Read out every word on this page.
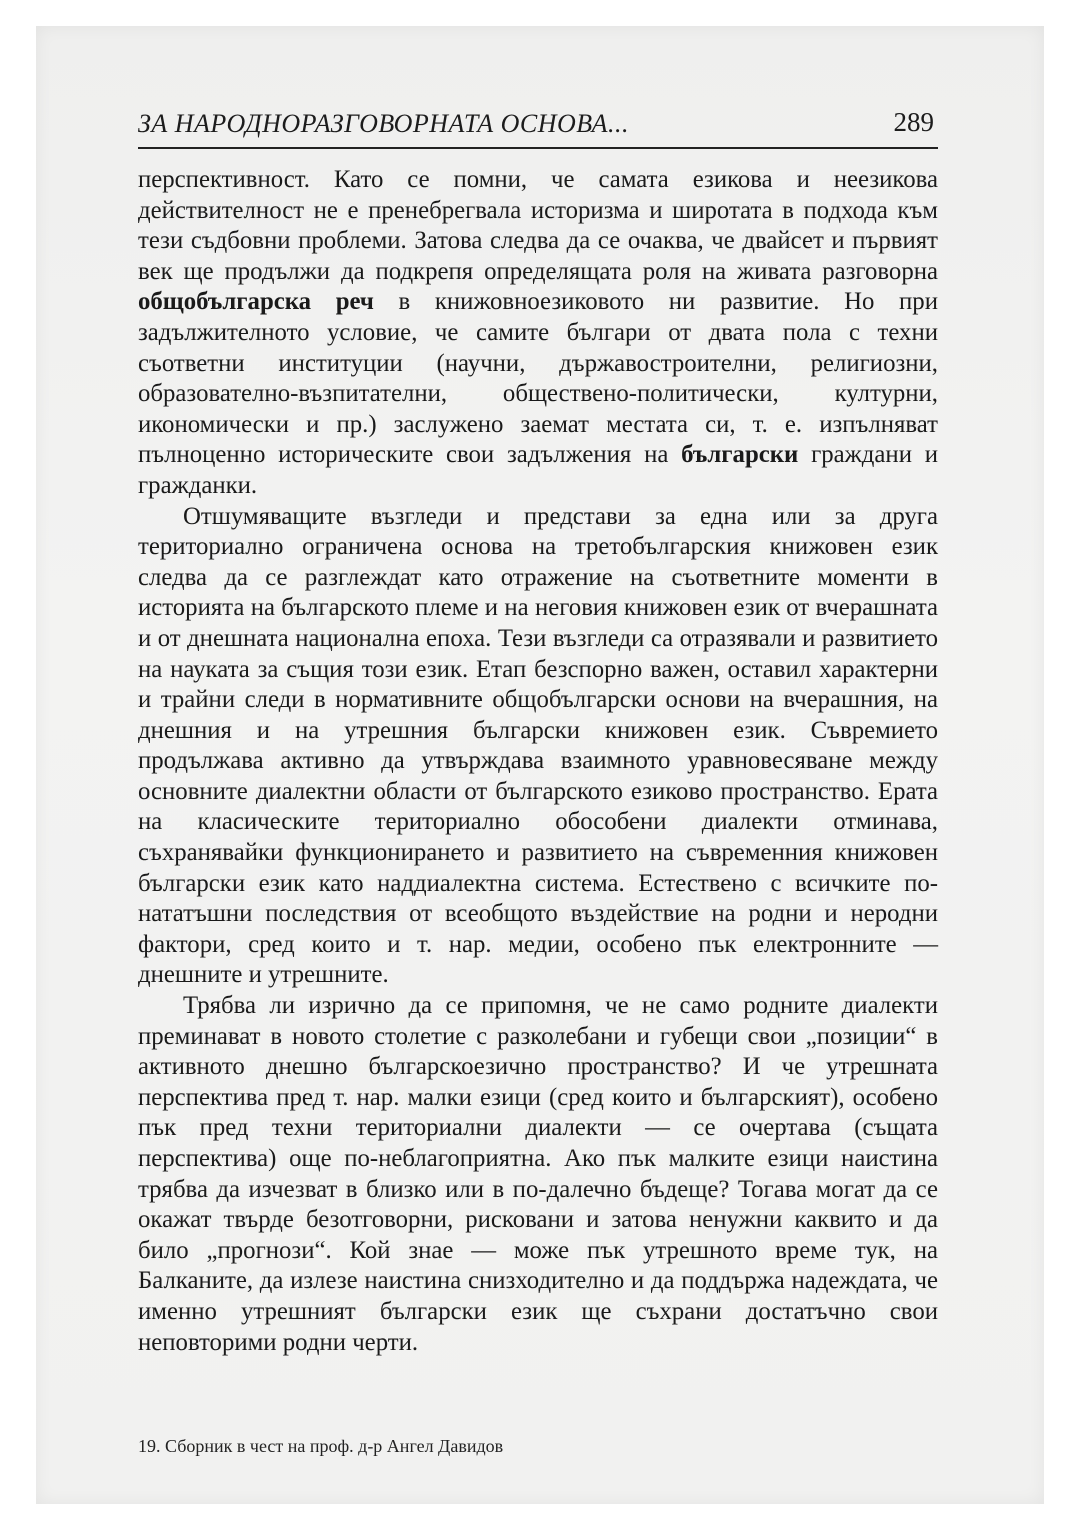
ЗА НАРОДНОРАЗГОВОРНАТА ОСНОВА...	289

перспективност. Като се помни, че самата езикова и неезикова действителност не е пренебрегвала историзма и широтата в подхода към тези съдбовни проблеми. Затова следва да се очаква, че двайсет и първият век ще продължи да подкрепя определящата роля на живата разговорна общобългарска реч в книжовноезиковото ни развитие. Но при задължителното условие, че самите българи от двата пола с техни съответни институции (научни, държавостроителни, религиозни, образователно-възпитателни, обществено-политически, културни, икономически и пр.) заслужено заемат местата си, т. е. изпълняват пълноценно историческите свои задължения на български граждани и гражданки.

Отшумяващите възгледи и представи за една или за друга териториално ограничена основа на третобългарския книжовен език следва да се разглеждат като отражение на съответните моменти в историята на българското племе и на неговия книжовен език от вчерашната и от днешната национална епоха. Тези възгледи са отразявали и развитието на науката за същия този език. Етап безспорно важен, оставил характерни и трайни следи в нормативните общобългарски основи на вчерашния, на днешния и на утрешния български книжовен език. Съвремието продължава активно да утвърждава взаимното уравновесяване между основните диалектни области от българското езиково пространство. Ерата на класическите териториално обособени диалекти отминава, съхранявайки функционирането и развитието на съвременния книжовен български език като наддиалектна система. Естествено с всичките по-нататъшни последствия от всеобщото въздействие на родни и неродни фактори, сред които и т. нар. медии, особено пък електронните — днешните и утрешните.

Трябва ли изрично да се припомня, че не само родните диалекти преминават в новото столетие с разколебани и губещи свои „позиции“ в активното днешно българскоезично пространство? И че утрешната перспектива пред т. нар. малки езици (сред които и българският), особено пък пред техни териториални диалекти — се очертава (същата перспектива) още по-неблагоприятна. Ако пък малките езици наистина трябва да изчезват в близко или в по-далечно бъдеще? Тогава могат да се окажат твърде безотговорни, рисковани и затова ненужни каквито и да било „прогнози“. Кой знае — може пък утрешното време тук, на Балканите, да излезе наистина снизходително и да поддържа надеждата, че именно утрешният български език ще съхрани достатъчно свои неповторими родни черти.

19. Сборник в чест на проф. д-р Ангел Давидов
